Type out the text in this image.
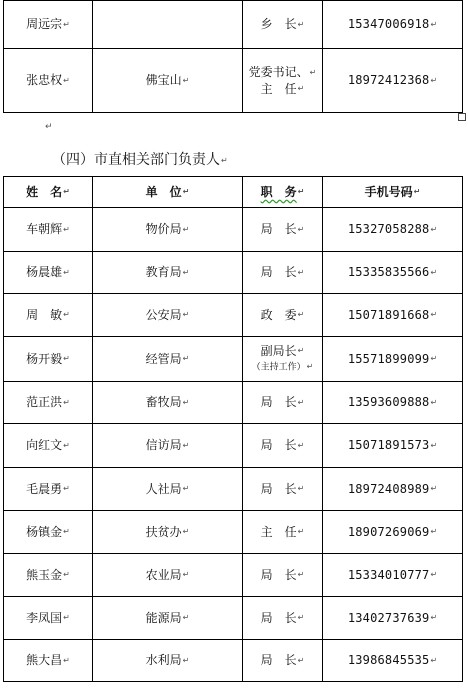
周远宗↵		乡　长↵	15347006918↵
张忠权↵	佛宝山↵	党委书记、↵
主　任↵	18972412368↵
↵
（四）市直相关部门负责人↵
姓　名↵	单　位↵	职　务↵	手机号码↵
车朝辉↵	物价局↵	局　长↵	15327058288↵
杨晨雄↵	教育局↵	局　长↵	15335835566↵
周　敏↵	公安局↵	政　委↵	15071891668↵
杨开毅↵	经管局↵	副局长↵
（主持工作）↵	15571899099↵
范正洪↵	畜牧局↵	局　长↵	13593609888↵
向红文↵	信访局↵	局　长↵	15071891573↵
毛晨勇↵	人社局↵	局　长↵	18972408989↵
杨镇金↵	扶贫办↵	主　任↵	18907269069↵
熊玉金↵	农业局↵	局　长↵	15334010777↵
李凤国↵	能源局↵	局　长↵	13402737639↵
熊大昌↵	水利局↵	局　长↵	13986845535↵
